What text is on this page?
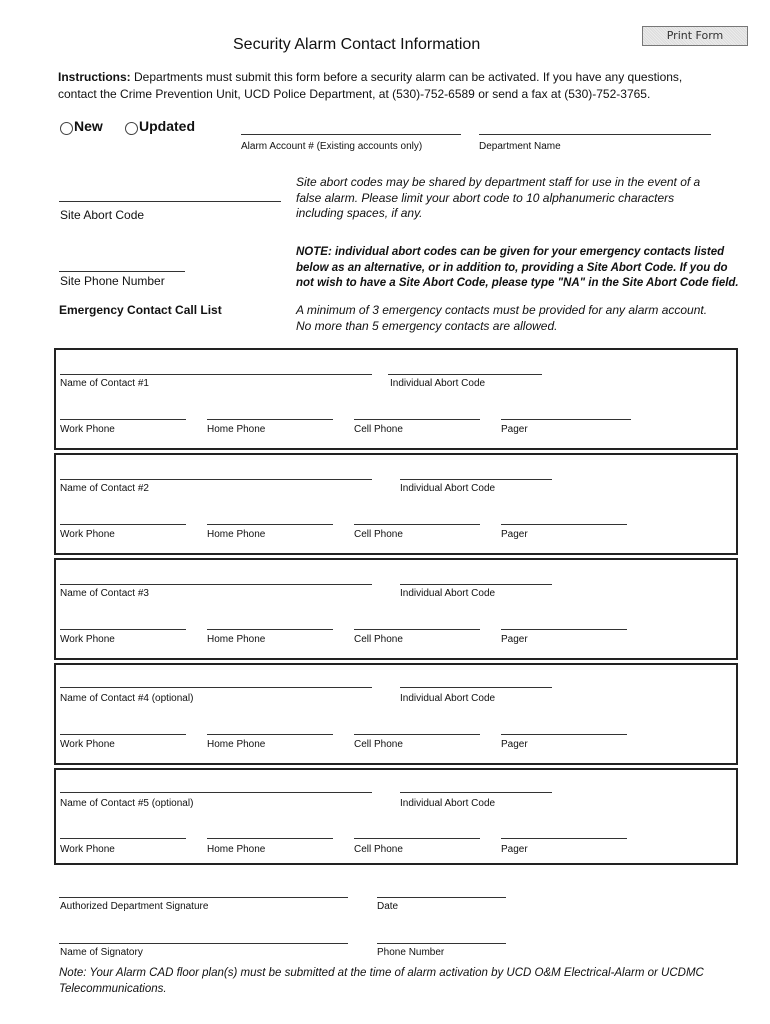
Print Form
Security Alarm Contact Information
Instructions: Departments must submit this form before a security alarm can be activated. If you have any questions,
contact the Crime Prevention Unit, UCD Police Department, at (530)-752-6589 or send a fax at (530)-752-3765.
New	Updated
Alarm Account # (Existing accounts only)	Department Name
Site Abort Code
Site abort codes may be shared by department staff for use in the event of a
false alarm. Please limit your abort code to 10 alphanumeric characters
including spaces, if any.
NOTE: individual abort codes can be given for your emergency contacts listed
below as an alternative, or in addition to, providing a Site Abort Code. If you do
not wish to have a Site Abort Code, please type "NA" in the Site Abort Code field.
Site Phone Number
Emergency Contact Call List	A minimum of 3 emergency contacts must be provided for any alarm account.
No more than 5 emergency contacts are allowed.
Name of Contact #1	Individual Abort Code
Work Phone	Home Phone	Cell Phone	Pager
Name of Contact #2	Individual Abort Code
Work Phone	Home Phone	Cell Phone	Pager
Name of Contact #3	Individual Abort Code
Work Phone	Home Phone	Cell Phone	Pager
Name of Contact #4 (optional)	Individual Abort Code
Work Phone	Home Phone	Cell Phone	Pager
Name of Contact #5 (optional)	Individual Abort Code
Work Phone	Home Phone	Cell Phone	Pager
Authorized Department Signature	Date
Name of Signatory	Phone Number
Note: Your Alarm CAD floor plan(s) must be submitted at the time of alarm activation by UCD O&M Electrical-Alarm or UCDMC
Telecommunications.
